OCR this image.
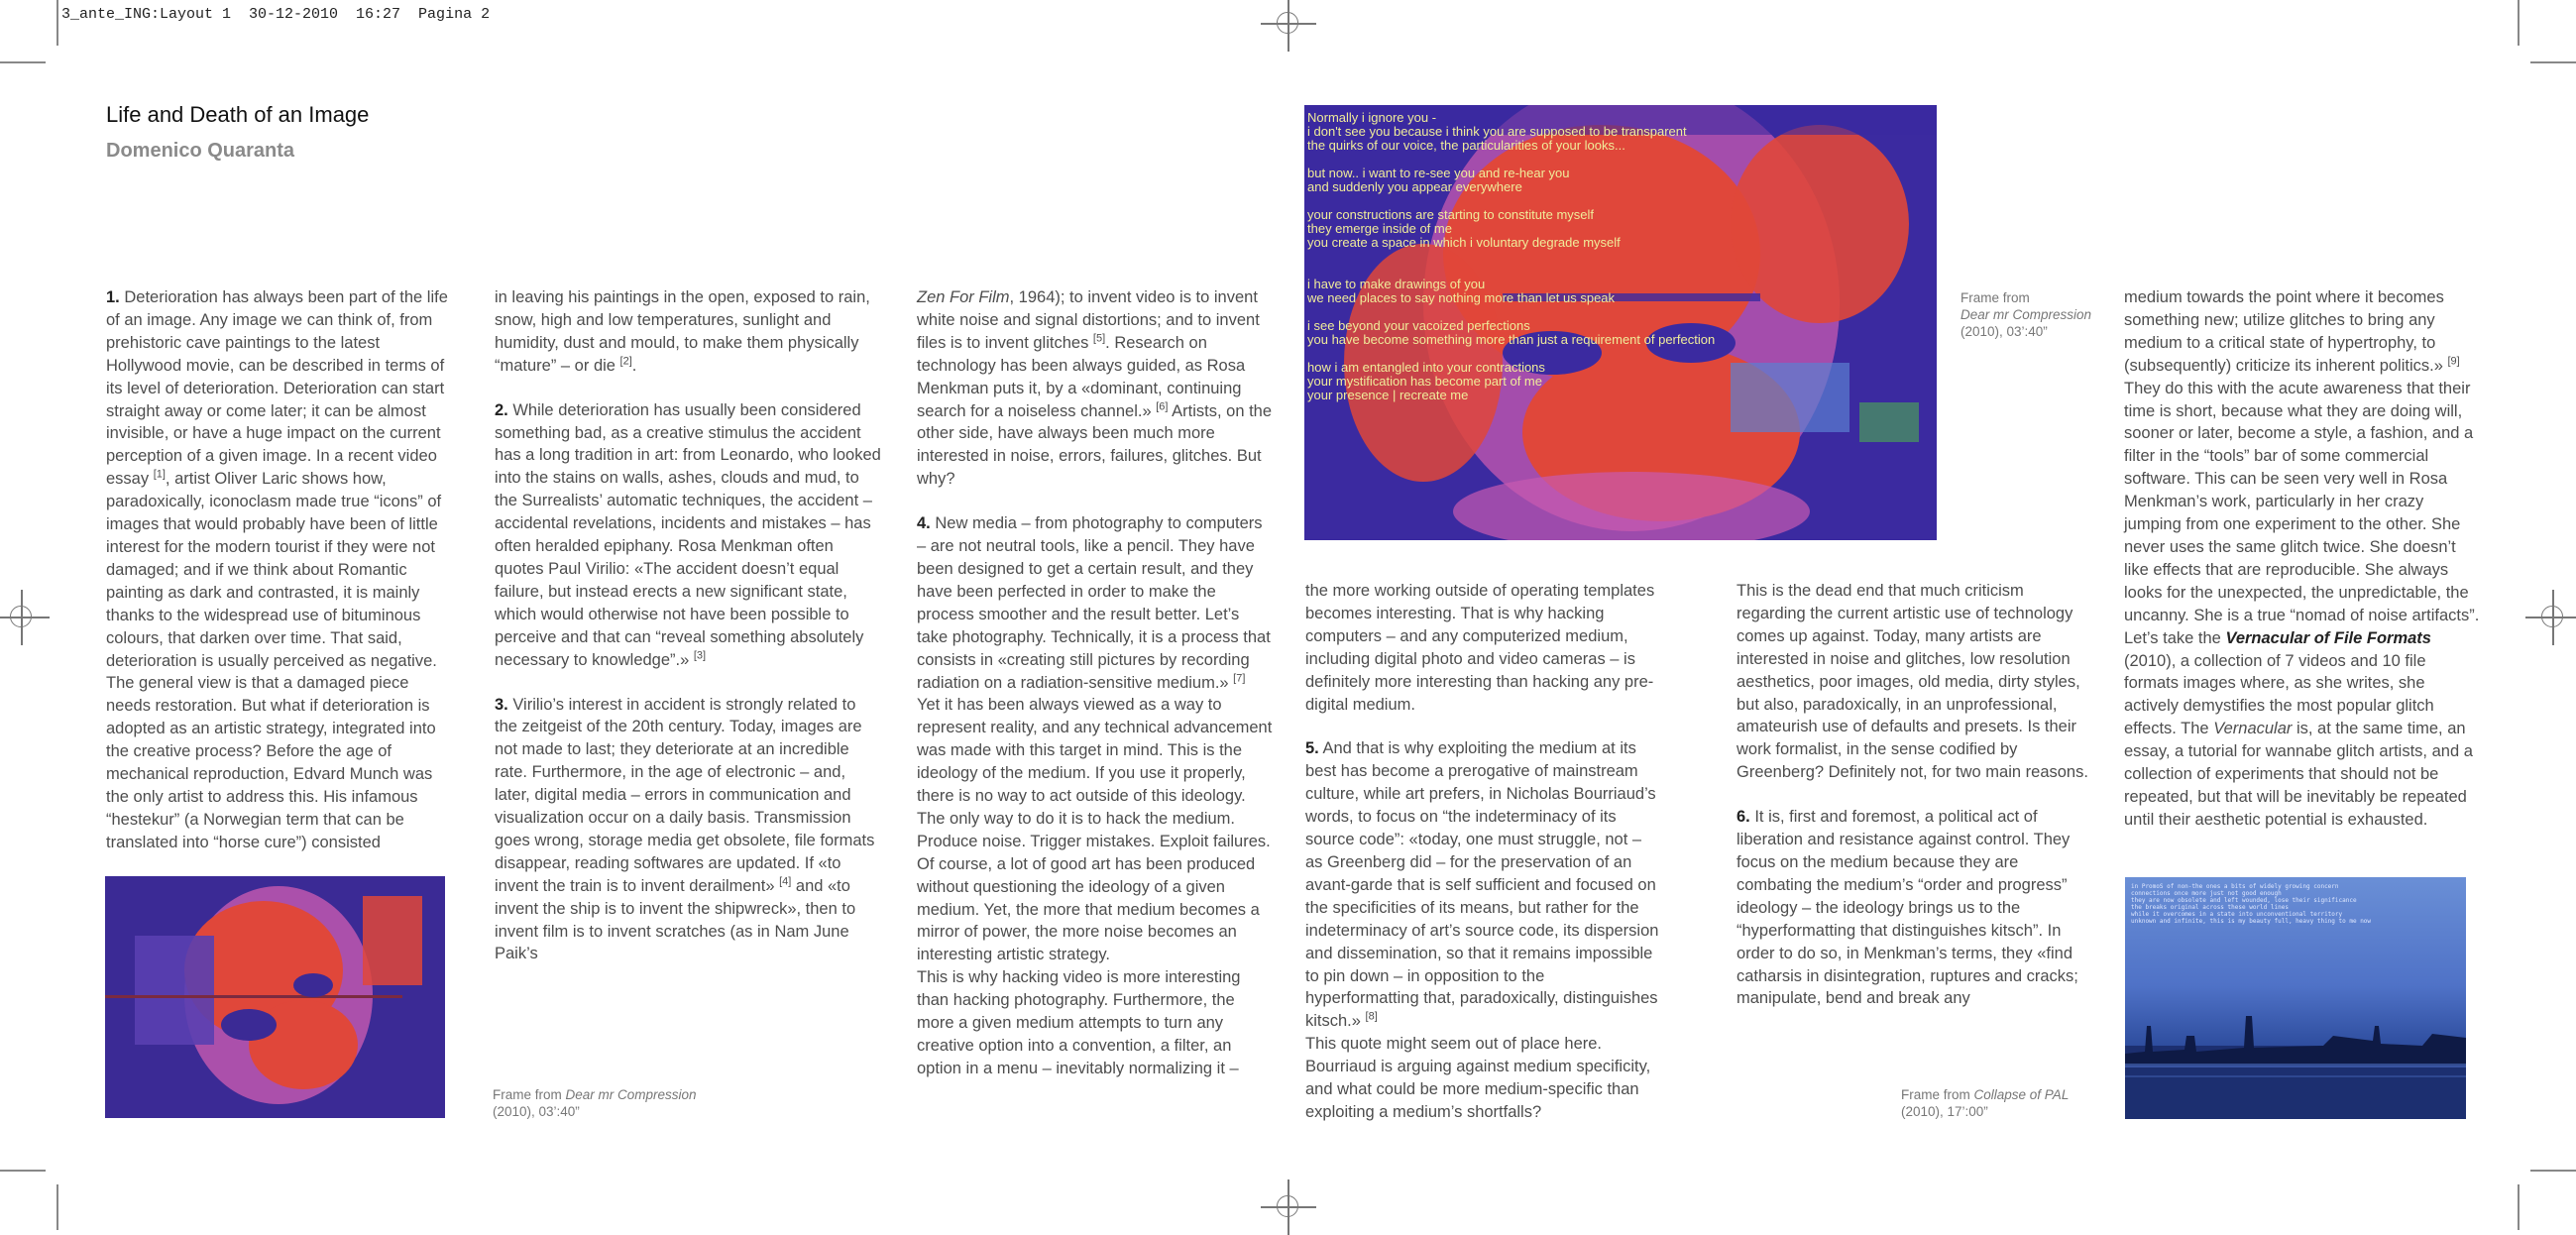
3_ante_ING:Layout 1  30-12-2010  16:27  Pagina 2
Life and Death of an Image
Domenico Quaranta

1. Deterioration has always been part of the life of an image. Any image we can think of, from prehistoric cave paintings to the latest Hollywood movie, can be described in terms of its level of deterioration. Deterioration can start straight away or come later; it can be almost invisible, or have a huge impact on the current perception of a given image. In a recent video essay [1], artist Oliver Laric shows how, paradoxically, iconoclasm made true “icons” of images that would probably have been of little interest for the modern tourist if they were not damaged; and if we think about Romantic painting as dark and contrasted, it is mainly thanks to the widespread use of bituminous colours, that darken over time. That said, deterioration is usually perceived as negative. The general view is that a damaged piece needs restoration. But what if deterioration is adopted as an artistic strategy, integrated into the creative process? Before the age of mechanical reproduction, Edvard Munch was the only artist to address this. His infamous “hestekur” (a Norwegian term that can be translated into “horse cure”) consisted

Frame from Dear mr Compression
(2010), 03’:40”

in leaving his paintings in the open, exposed to rain, snow, high and low temperatures, sunlight and humidity, dust and mould, to make them physically “mature” – or die [2].

2. While deterioration has usually been considered something bad, as a creative stimulus the accident has a long tradition in art: from Leonardo, who looked into the stains on walls, ashes, clouds and mud, to the Surrealists’ automatic techniques, the accident – accidental revelations, incidents and mistakes – has often heralded epiphany. Rosa Menkman often quotes Paul Virilio: «The accident doesn’t equal failure, but instead erects a new significant state, which would otherwise not have been possible to perceive and that can “reveal something absolutely necessary to knowledge”.» [3]

3. Virilio’s interest in accident is strongly related to the zeitgeist of the 20th century. Today, images are not made to last; they deteriorate at an incredible rate. Furthermore, in the age of electronic – and, later, digital media – errors in communication and visualization occur on a daily basis. Transmission goes wrong, storage media get obsolete, file formats disappear, reading softwares are updated. If «to invent the train is to invent derailment» [4] and «to invent the ship is to invent the shipwreck», then to invent film is to invent scratches (as in Nam June Paik’s

Zen For Film, 1964); to invent video is to invent white noise and signal distortions; and to invent files is to invent glitches [5]. Research on technology has been always guided, as Rosa Menkman puts it, by a «dominant, continuing search for a noiseless channel.» [6] Artists, on the other side, have always been much more interested in noise, errors, failures, glitches. But why?

4. New media – from photography to computers – are not neutral tools, like a pencil. They have been designed to get a certain result, and they have been perfected in order to make the process smoother and the result better. Let’s take photography. Technically, it is a process that consists in «creating still pictures by recording radiation on a radiation-sensitive medium.» [7]

Yet it has been always viewed as a way to represent reality, and any technical advancement was made with this target in mind. This is the ideology of the medium. If you use it properly, there is no way to act outside of this ideology. The only way to do it is to hack the medium. Produce noise. Trigger mistakes. Exploit failures.

Of course, a lot of good art has been produced without questioning the ideology of a given medium. Yet, the more that medium becomes a mirror of power, the more noise becomes an interesting artistic strategy.

This is why hacking video is more interesting than hacking photography. Furthermore, the more a given medium attempts to turn any creative option into a convention, a filter, an option in a menu – inevitably normalizing it –

Normally i ignore you -
i don't see you because i think you are supposed to be transparent
the quirks of our voice, the particularities of your looks...

but now.. i want to re-see you and re-hear you
and suddenly you appear everywhere

your constructions are starting to constitute myself
they emerge inside of me
you create a space in which i voluntary degrade myself

i have to make drawings of you
we need places to say nothing more than let us speak

i see beyond your vacoized perfections
you have become something more than just a requirement of perfection

how i am entangled into your contractions
your mystification has become part of me
your presence | recreate me
Frame from
Dear mr Compression
(2010), 03’:40”

the more working outside of operating templates becomes interesting. That is why hacking computers – and any computerized medium, including digital photo and video cameras – is definitely more interesting than hacking any pre-digital medium.

5. And that is why exploiting the medium at its best has become a prerogative of mainstream culture, while art prefers, in Nicholas Bourriaud’s words, to focus on “the indeterminacy of its source code”: «today, one must struggle, not – as Greenberg did – for the preservation of an avant-garde that is self sufficient and focused on the specificities of its means, but rather for the indeterminacy of art’s source code, its dispersion and dissemination, so that it remains impossible to pin down – in opposition to the hyperformatting that, paradoxically, distinguishes kitsch.» [8]

This quote might seem out of place here. Bourriaud is arguing against medium specificity, and what could be more medium-specific than exploiting a medium’s shortfalls?

This is the dead end that much criticism regarding the current artistic use of technology comes up against. Today, many artists are interested in noise and glitches, low resolution aesthetics, poor images, old media, dirty styles, but also, paradoxically, in an unprofessional, amateurish use of defaults and presets. Is their work formalist, in the sense codified by Greenberg? Definitely not, for two main reasons.

6. It is, first and foremost, a political act of liberation and resistance against control. They focus on the medium because they are combating the medium’s “order and progress” ideology – the ideology brings us to the “hyperformatting that distinguishes kitsch”. In order to do so, in Menkman’s terms, they «find catharsis in disintegration, ruptures and cracks; manipulate, bend and break any

Frame from Collapse of PAL
(2010), 17’:00”

medium towards the point where it becomes something new; utilize glitches to bring any medium to a critical state of hypertrophy, to (subsequently) criticize its inherent politics.» [9] They do this with the acute awareness that their time is short, because what they are doing will, sooner or later, become a style, a fashion, and a filter in the “tools” bar of some commercial software. This can be seen very well in Rosa Menkman’s work, particularly in her crazy jumping from one experiment to the other. She never uses the same glitch twice. She doesn’t like effects that are reproducible. She always looks for the unexpected, the unpredictable, the uncanny. She is a true “nomad of noise artifacts”. Let’s take the Vernacular of File Formats (2010), a collection of 7 videos and 10 file formats images where, as she writes, she actively demystifies the most popular glitch effects. The Vernacular is, at the same time, an essay, a tutorial for wannabe glitch artists, and a collection of experiments that should not be repeated, but that will be inevitably be repeated until their aesthetic potential is exhausted.

in PromoS of non-the ones a bits of widely growing concern
connections once more just not good enough
they are now obsolete and left wounded, lose their significance
the breaks original across these world lines
while it overcomes in a state into unconventional territory
unknown and infinite, this is my beauty full, heavy thing to me now
